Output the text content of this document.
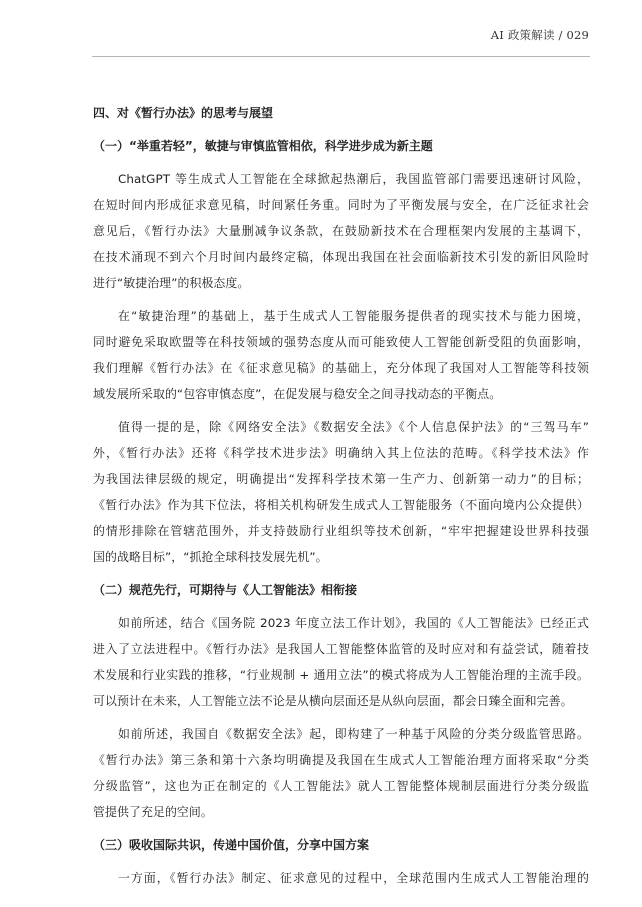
AI 政策解读 / 029
四、对《暂行办法》的思考与展望
（一）“举重若轻”，敏捷与审慎监管相依，科学进步成为新主题
ChatGPT 等生成式人工智能在全球掀起热潮后，我国监管部门需要迅速研讨风险，
在短时间内形成征求意见稿，时间紧任务重。同时为了平衡发展与安全，在广泛征求社会
意见后，《暂行办法》大量删减争议条款，在鼓励新技术在合理框架内发展的主基调下，
在技术涌现不到六个月时间内最终定稿，体现出我国在社会面临新技术引发的新旧风险时
进行“敏捷治理”的积极态度。
在“敏捷治理”的基础上，基于生成式人工智能服务提供者的现实技术与能力困境，
同时避免采取欧盟等在科技领域的强势态度从而可能致使人工智能创新受阻的负面影响，
我们理解《暂行办法》在《征求意见稿》的基础上，充分体现了我国对人工智能等科技领
域发展所采取的“包容审慎态度”，在促发展与稳安全之间寻找动态的平衡点。
值得一提的是，除《网络安全法》《数据安全法》《个人信息保护法》的“三驾马车”
外，《暂行办法》还将《科学技术进步法》明确纳入其上位法的范畴。《科学技术法》作
为我国法律层级的规定，明确提出“发挥科学技术第一生产力、创新第一动力”的目标；
《暂行办法》作为其下位法，将相关机构研发生成式人工智能服务（不面向境内公众提供）
的情形排除在管辖范围外，并支持鼓励行业组织等技术创新，“牢牢把握建设世界科技强
国的战略目标”，“抓抢全球科技发展先机”。
（二）规范先行，可期待与《人工智能法》相衔接
如前所述，结合《国务院 2023 年度立法工作计划》，我国的《人工智能法》已经正式
进入了立法进程中。《暂行办法》是我国人工智能整体监管的及时应对和有益尝试，随着技
术发展和行业实践的推移，“行业规制 + 通用立法”的模式将成为人工智能治理的主流手段。
可以预计在未来，人工智能立法不论是从横向层面还是从纵向层面，都会日臻全面和完善。
如前所述，我国自《数据安全法》起，即构建了一种基于风险的分类分级监管思路。
《暂行办法》第三条和第十六条均明确提及我国在生成式人工智能治理方面将采取“分类
分级监管”，这也为正在制定的《人工智能法》就人工智能整体规制层面进行分类分级监
管提供了充足的空间。
（三）吸收国际共识，传递中国价值，分享中国方案
一方面，《暂行办法》制定、征求意见的过程中，全球范围内生成式人工智能治理的
